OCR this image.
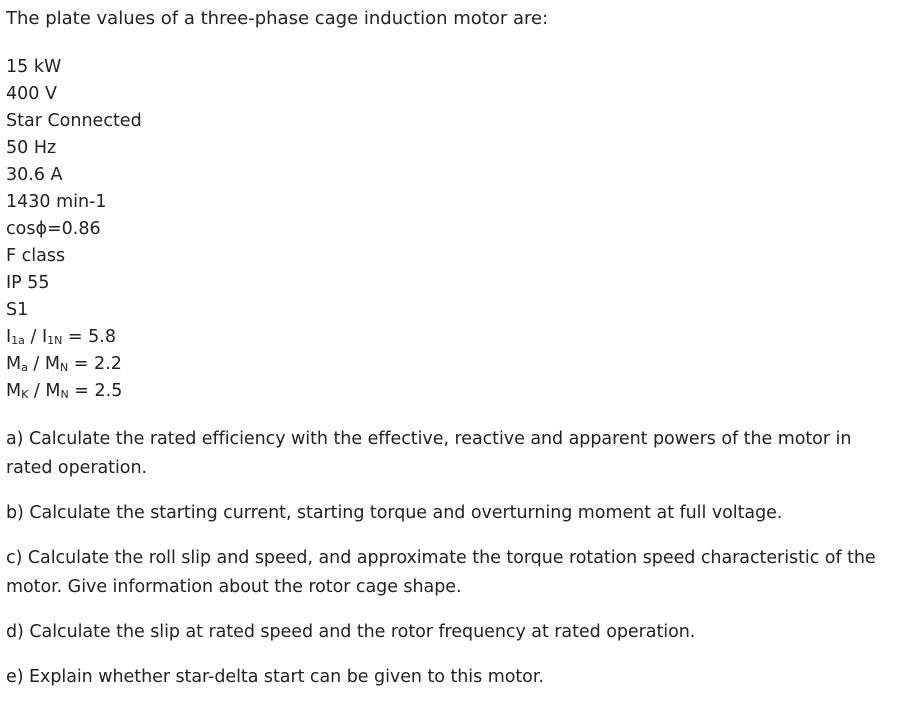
The plate values of a three-phase cage induction motor are:
15 kW
400 V
Star Connected
50 Hz
30.6 A
1430 min-1
cosϕ=0.86
F class
IP 55
S1
$I_{1a} / I_{1N} = 5.8$
$M_a / M_N = 2.2$
$M_K / M_N = 2.5$

a) Calculate the rated efficiency with the effective, reactive and apparent powers of the motor in rated operation.

b) Calculate the starting current, starting torque and overturning moment at full voltage.

c) Calculate the roll slip and speed, and approximate the torque rotation speed characteristic of the motor. Give information about the rotor cage shape.

d) Calculate the slip at rated speed and the rotor frequency at rated operation.

e) Explain whether star-delta start can be given to this motor.
